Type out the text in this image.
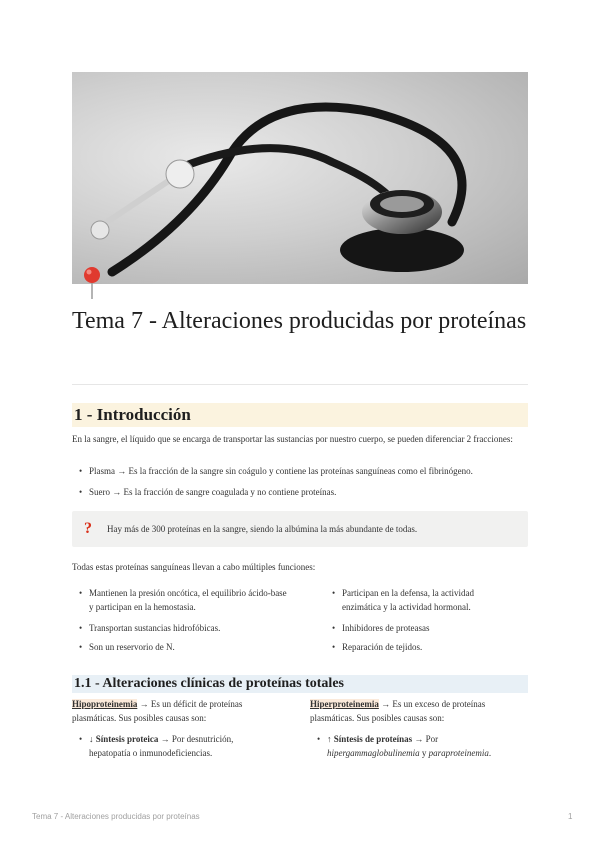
Tema 7 - Alteraciones producidas por proteínas
1 - Introducción
En la sangre, el líquido que se encarga de transportar las sustancias por nuestro cuerpo, se pueden diferenciar 2 fracciones:
• Plasma → Es la fracción de la sangre sin coágulo y contiene las proteínas sanguíneas como el fibrinógeno.
• Suero → Es la fracción de sangre coagulada y no contiene proteínas.
? Hay más de 300 proteínas en la sangre, siendo la albúmina la más abundante de todas.
Todas estas proteínas sanguíneas llevan a cabo múltiples funciones:
• Mantienen la presión oncótica, el equilibrio ácido-base
y participan en la hemostasia.
• Transportan sustancias hidrofóbicas.
• Son un reservorio de N.
• Participan en la defensa, la actividad
enzimática y la actividad hormonal.
• Inhibidores de proteasas
• Reparación de tejidos.
1.1 - Alteraciones clínicas de proteínas totales
Hipoproteinemia → Es un déficit de proteínas
plasmáticas. Sus posibles causas son:
• ↓ Síntesis proteica → Por desnutrición,
hepatopatía o inmunodeficiencias.
Hiperproteinemia → Es un exceso de proteínas
plasmáticas. Sus posibles causas son:
• ↑ Síntesis de proteínas → Por
hipergammaglobulinemia y paraproteinemia.
Tema 7 - Alteraciones producidas por proteínas	1
